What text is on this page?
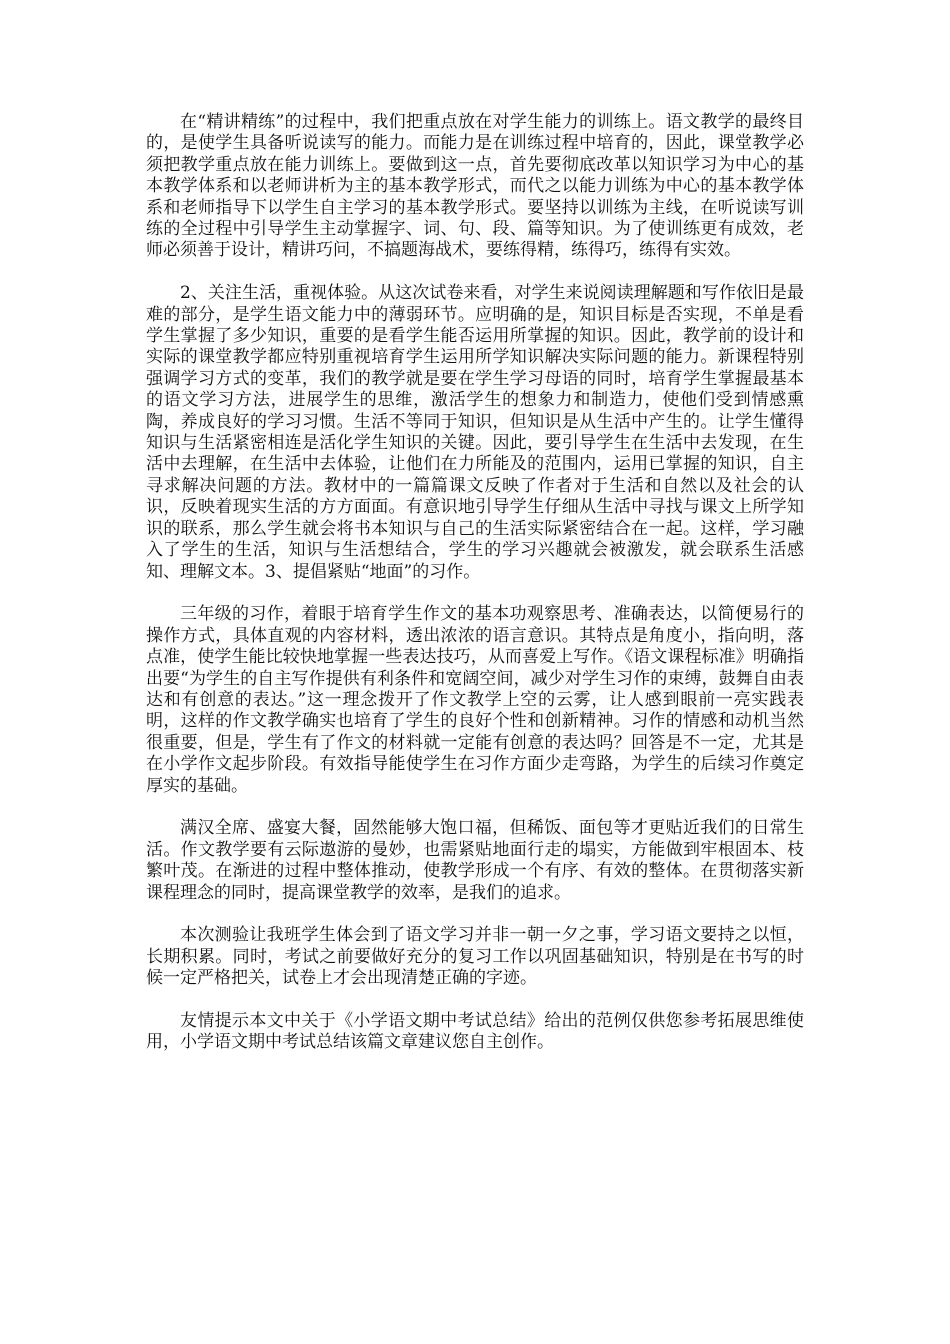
在“精讲精练”的过程中，我们把重点放在对学生能力的训练上。语文教学的最终目的，是使学生具备听说读写的能力。而能力是在训练过程中培育的，因此，课堂教学必须把教学重点放在能力训练上。要做到这一点，首先要彻底改革以知识学习为中心的基本教学体系和以老师讲析为主的基本教学形式，而代之以能力训练为中心的基本教学体系和老师指导下以学生自主学习的基本教学形式。要坚持以训练为主线，在听说读写训练的全过程中引导学生主动掌握字、词、句、段、篇等知识。为了使训练更有成效，老师必须善于设计，精讲巧问，不搞题海战术，要练得精，练得巧，练得有实效。

2、关注生活，重视体验。从这次试卷来看，对学生来说阅读理解题和写作依旧是最难的部分，是学生语文能力中的薄弱环节。应明确的是，知识目标是否实现，不单是看学生掌握了多少知识，重要的是看学生能否运用所掌握的知识。因此，教学前的设计和实际的课堂教学都应特别重视培育学生运用所学知识解决实际问题的能力。新课程特别强调学习方式的变革，我们的教学就是要在学生学习母语的同时，培育学生掌握最基本的语文学习方法，进展学生的思维，激活学生的想象力和制造力，使他们受到情感熏陶，养成良好的学习习惯。生活不等同于知识，但知识是从生活中产生的。让学生懂得知识与生活紧密相连是活化学生知识的关键。因此，要引导学生在生活中去发现，在生活中去理解，在生活中去体验，让他们在力所能及的范围内，运用已掌握的知识，自主寻求解决问题的方法。教材中的一篇篇课文反映了作者对于生活和自然以及社会的认识，反映着现实生活的方方面面。有意识地引导学生仔细从生活中寻找与课文上所学知识的联系，那么学生就会将书本知识与自己的生活实际紧密结合在一起。这样，学习融入了学生的生活，知识与生活想结合，学生的学习兴趣就会被激发，就会联系生活感知、理解文本。3、提倡紧贴“地面”的习作。

三年级的习作，着眼于培育学生作文的基本功观察思考、准确表达，以简便易行的操作方式，具体直观的内容材料，透出浓浓的语言意识。其特点是角度小，指向明，落点准，使学生能比较快地掌握一些表达技巧，从而喜爱上写作。《语文课程标准》明确指出要“为学生的自主写作提供有利条件和宽阔空间，减少对学生习作的束缚，鼓舞自由表达和有创意的表达。”这一理念拨开了作文教学上空的云雾，让人感到眼前一亮实践表明，这样的作文教学确实也培育了学生的良好个性和创新精神。习作的情感和动机当然很重要，但是，学生有了作文的材料就一定能有创意的表达吗？回答是不一定，尤其是在小学作文起步阶段。有效指导能使学生在习作方面少走弯路，为学生的后续习作奠定厚实的基础。

满汉全席、盛宴大餐，固然能够大饱口福，但稀饭、面包等才更贴近我们的日常生活。作文教学要有云际遨游的曼妙，也需紧贴地面行走的塌实，方能做到牢根固本、枝繁叶茂。在渐进的过程中整体推动，使教学形成一个有序、有效的整体。在贯彻落实新课程理念的同时，提高课堂教学的效率，是我们的追求。

本次测验让我班学生体会到了语文学习并非一朝一夕之事，学习语文要持之以恒，长期积累。同时，考试之前要做好充分的复习工作以巩固基础知识，特别是在书写的时候一定严格把关，试卷上才会出现清楚正确的字迹。

友情提示本文中关于《小学语文期中考试总结》给出的范例仅供您参考拓展思维使用，小学语文期中考试总结该篇文章建议您自主创作。
